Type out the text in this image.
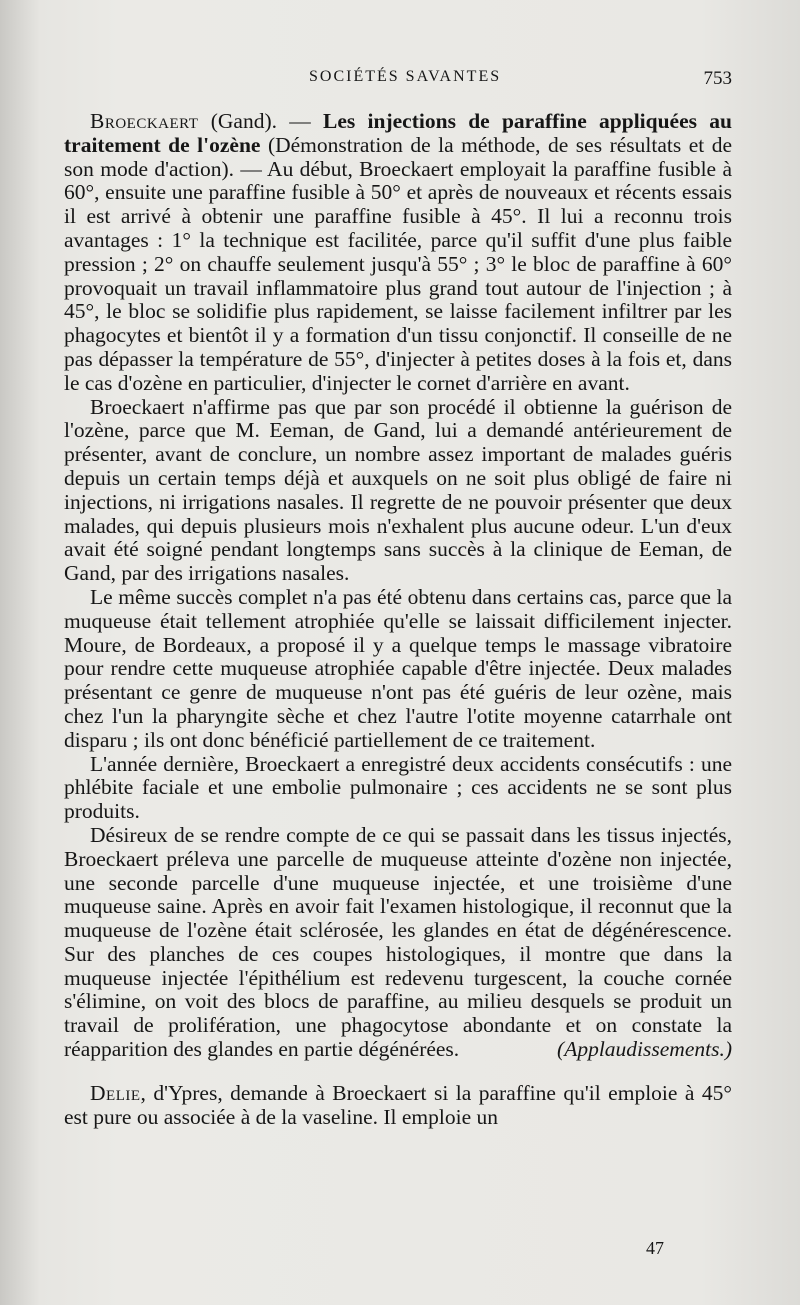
SOCIÉTÉS SAVANTES	753

Broeckaert (Gand). — Les injections de paraffine appliquées au traitement de l'ozène (Démonstration de la méthode, de ses résultats et de son mode d'action). — Au début, Broeckaert employait la paraffine fusible à 60°, ensuite une paraffine fusible à 50° et après de nouveaux et récents essais il est arrivé à obtenir une paraffine fusible à 45°. Il lui a reconnu trois avantages : 1° la technique est facilitée, parce qu'il suffit d'une plus faible pression ; 2° on chauffe seulement jusqu'à 55° ; 3° le bloc de paraffine à 60° provoquait un travail inflammatoire plus grand tout autour de l'injection ; à 45°, le bloc se solidifie plus rapidement, se laisse facilement infiltrer par les phagocytes et bientôt il y a formation d'un tissu conjonctif. Il conseille de ne pas dépasser la température de 55°, d'injecter à petites doses à la fois et, dans le cas d'ozène en particulier, d'injecter le cornet d'arrière en avant.

Broeckaert n'affirme pas que par son procédé il obtienne la guérison de l'ozène, parce que M. Eeman, de Gand, lui a demandé antérieurement de présenter, avant de conclure, un nombre assez important de malades guéris depuis un certain temps déjà et auxquels on ne soit plus obligé de faire ni injections, ni irrigations nasales. Il regrette de ne pouvoir présenter que deux malades, qui depuis plusieurs mois n'exhalent plus aucune odeur. L'un d'eux avait été soigné pendant longtemps sans succès à la clinique de Eeman, de Gand, par des irrigations nasales.

Le même succès complet n'a pas été obtenu dans certains cas, parce que la muqueuse était tellement atrophiée qu'elle se laissait difficilement injecter. Moure, de Bordeaux, a proposé il y a quelque temps le massage vibratoire pour rendre cette muqueuse atrophiée capable d'être injectée. Deux malades présentant ce genre de muqueuse n'ont pas été guéris de leur ozène, mais chez l'un la pharyngite sèche et chez l'autre l'otite moyenne catarrhale ont disparu ; ils ont donc bénéficié partiellement de ce traitement.

L'année dernière, Broeckaert a enregistré deux accidents consécutifs : une phlébite faciale et une embolie pulmonaire ; ces accidents ne se sont plus produits.

Désireux de se rendre compte de ce qui se passait dans les tissus injectés, Broeckaert préleva une parcelle de muqueuse atteinte d'ozène non injectée, une seconde parcelle d'une muqueuse injectée, et une troisième d'une muqueuse saine. Après en avoir fait l'examen histologique, il reconnut que la muqueuse de l'ozène était sclérosée, les glandes en état de dégénérescence. Sur des planches de ces coupes histologiques, il montre que dans la muqueuse injectée l'épithélium est redevenu turgescent, la couche cornée s'élimine, on voit des blocs de paraffine, au milieu desquels se produit un travail de prolifération, une phagocytose abondante et on constate la réapparition des glandes en partie dégénérées.	(Applaudissements.)

Delie, d'Ypres, demande à Broeckaert si la paraffine qu'il emploie à 45° est pure ou associée à de la vaseline. Il emploie un

47
